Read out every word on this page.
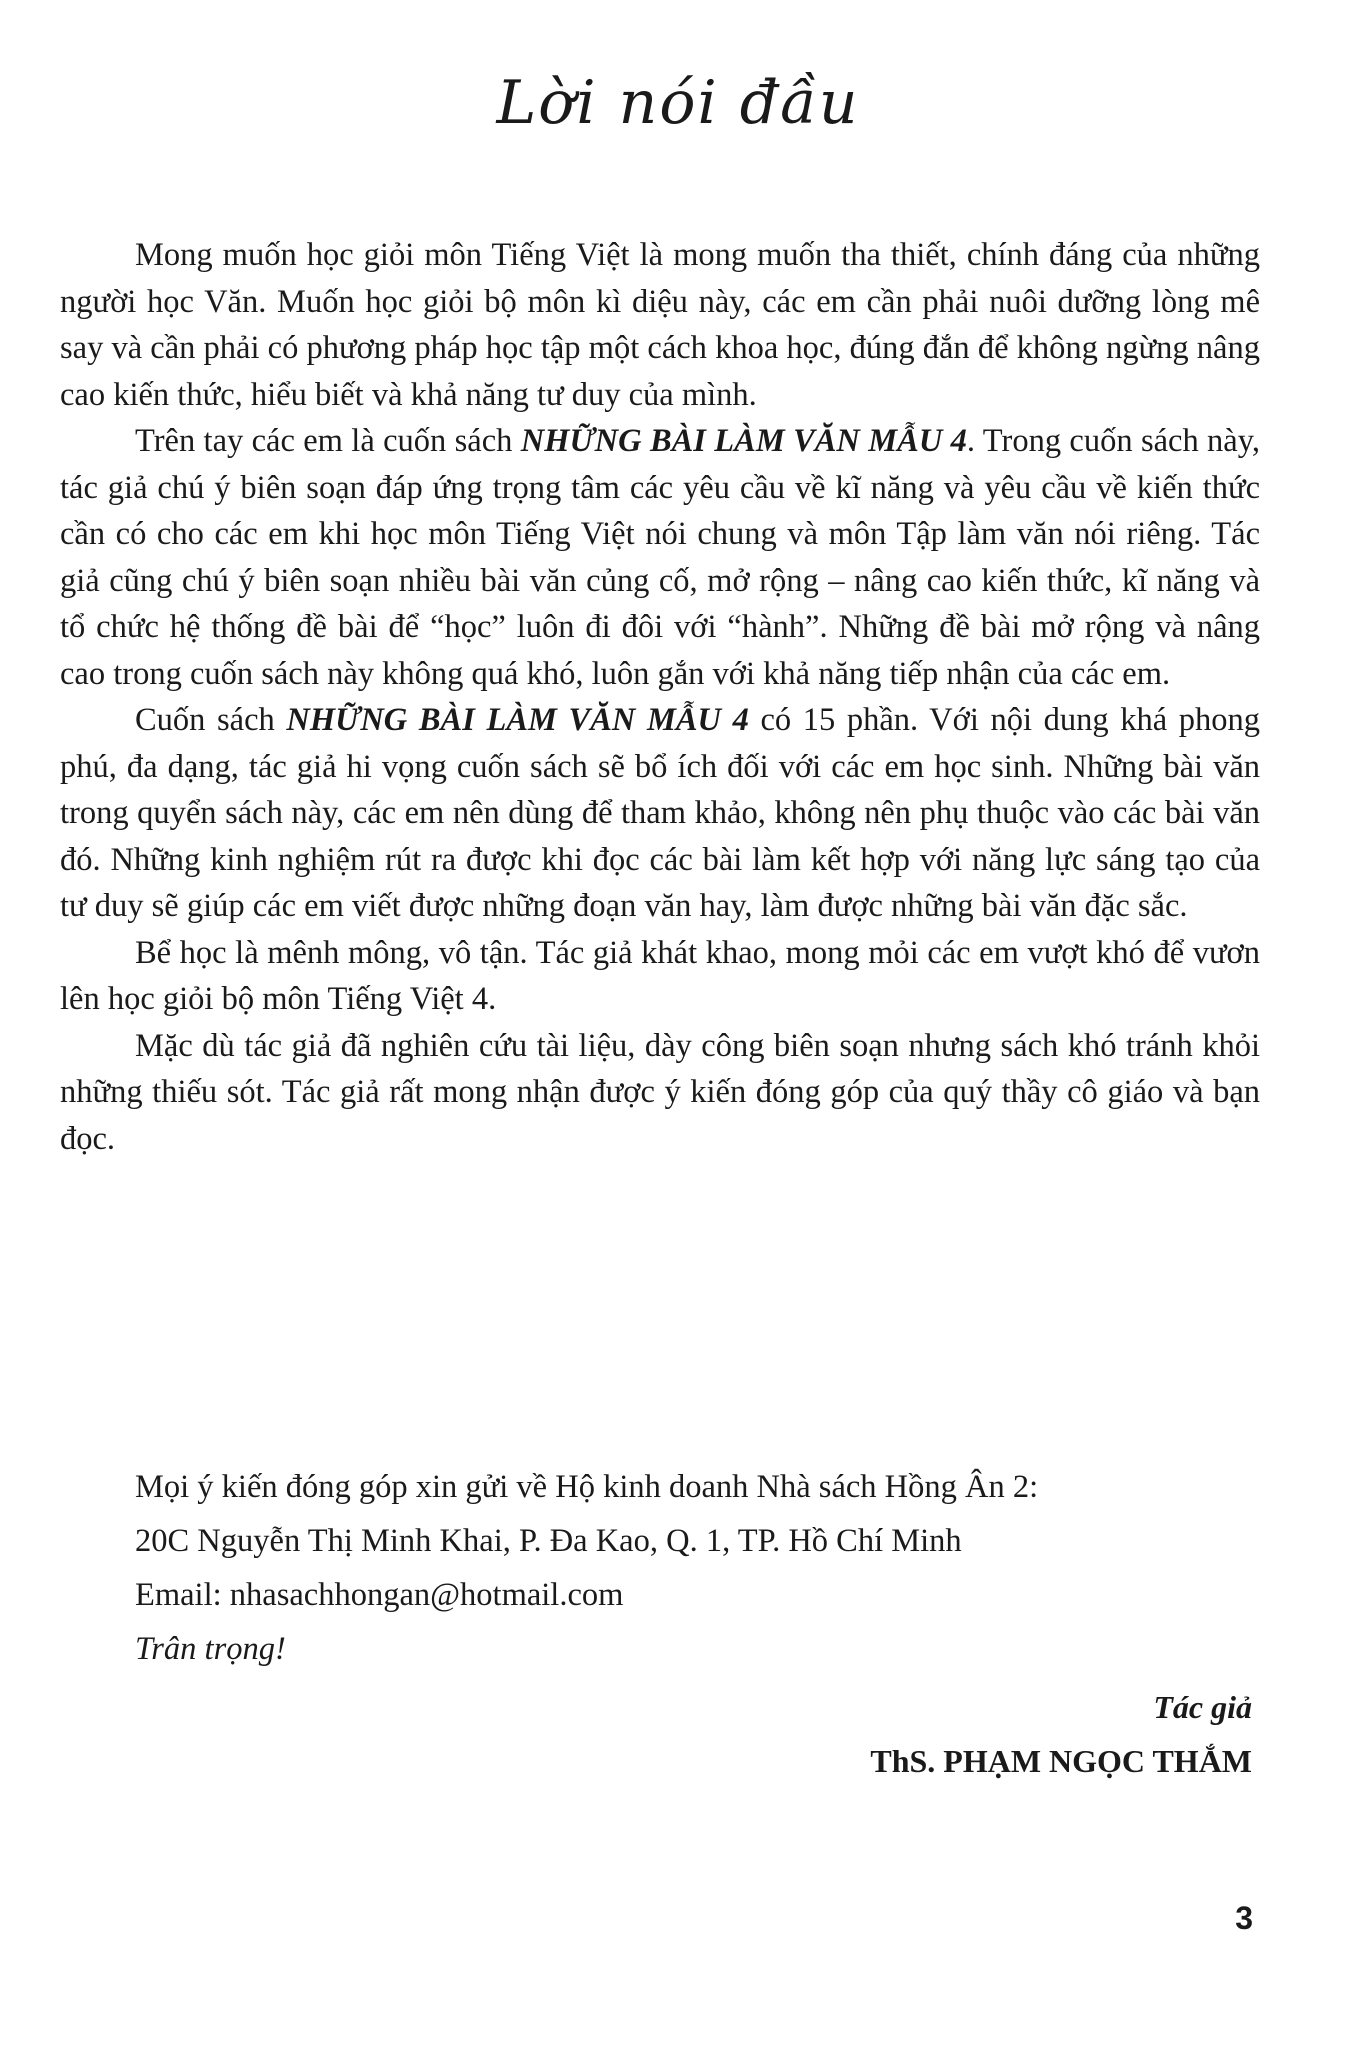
Lời nói đầu

Mong muốn học giỏi môn Tiếng Việt là mong muốn tha thiết, chính đáng của những người học Văn. Muốn học giỏi bộ môn kì diệu này, các em cần phải nuôi dưỡng lòng mê say và cần phải có phương pháp học tập một cách khoa học, đúng đắn để không ngừng nâng cao kiến thức, hiểu biết và khả năng tư duy của mình.

Trên tay các em là cuốn sách NHỮNG BÀI LÀM VĂN MẪU 4. Trong cuốn sách này, tác giả chú ý biên soạn đáp ứng trọng tâm các yêu cầu về kĩ năng và yêu cầu về kiến thức cần có cho các em khi học môn Tiếng Việt nói chung và môn Tập làm văn nói riêng. Tác giả cũng chú ý biên soạn nhiều bài văn củng cố, mở rộng – nâng cao kiến thức, kĩ năng và tổ chức hệ thống đề bài để “học” luôn đi đôi với “hành”. Những đề bài mở rộng và nâng cao trong cuốn sách này không quá khó, luôn gắn với khả năng tiếp nhận của các em.

Cuốn sách NHỮNG BÀI LÀM VĂN MẪU 4 có 15 phần. Với nội dung khá phong phú, đa dạng, tác giả hi vọng cuốn sách sẽ bổ ích đối với các em học sinh. Những bài văn trong quyển sách này, các em nên dùng để tham khảo, không nên phụ thuộc vào các bài văn đó. Những kinh nghiệm rút ra được khi đọc các bài làm kết hợp với năng lực sáng tạo của tư duy sẽ giúp các em viết được những đoạn văn hay, làm được những bài văn đặc sắc.

Bể học là mênh mông, vô tận. Tác giả khát khao, mong mỏi các em vượt khó để vươn lên học giỏi bộ môn Tiếng Việt 4.

Mặc dù tác giả đã nghiên cứu tài liệu, dày công biên soạn nhưng sách khó tránh khỏi những thiếu sót. Tác giả rất mong nhận được ý kiến đóng góp của quý thầy cô giáo và bạn đọc.

Mọi ý kiến đóng góp xin gửi về Hộ kinh doanh Nhà sách Hồng Ân 2:
20C Nguyễn Thị Minh Khai, P. Đa Kao, Q. 1, TP. Hồ Chí Minh
Email: nhasachhongan@hotmail.com
Trân trọng!
Tác giả
ThS. PHẠM NGỌC THẮM
3
